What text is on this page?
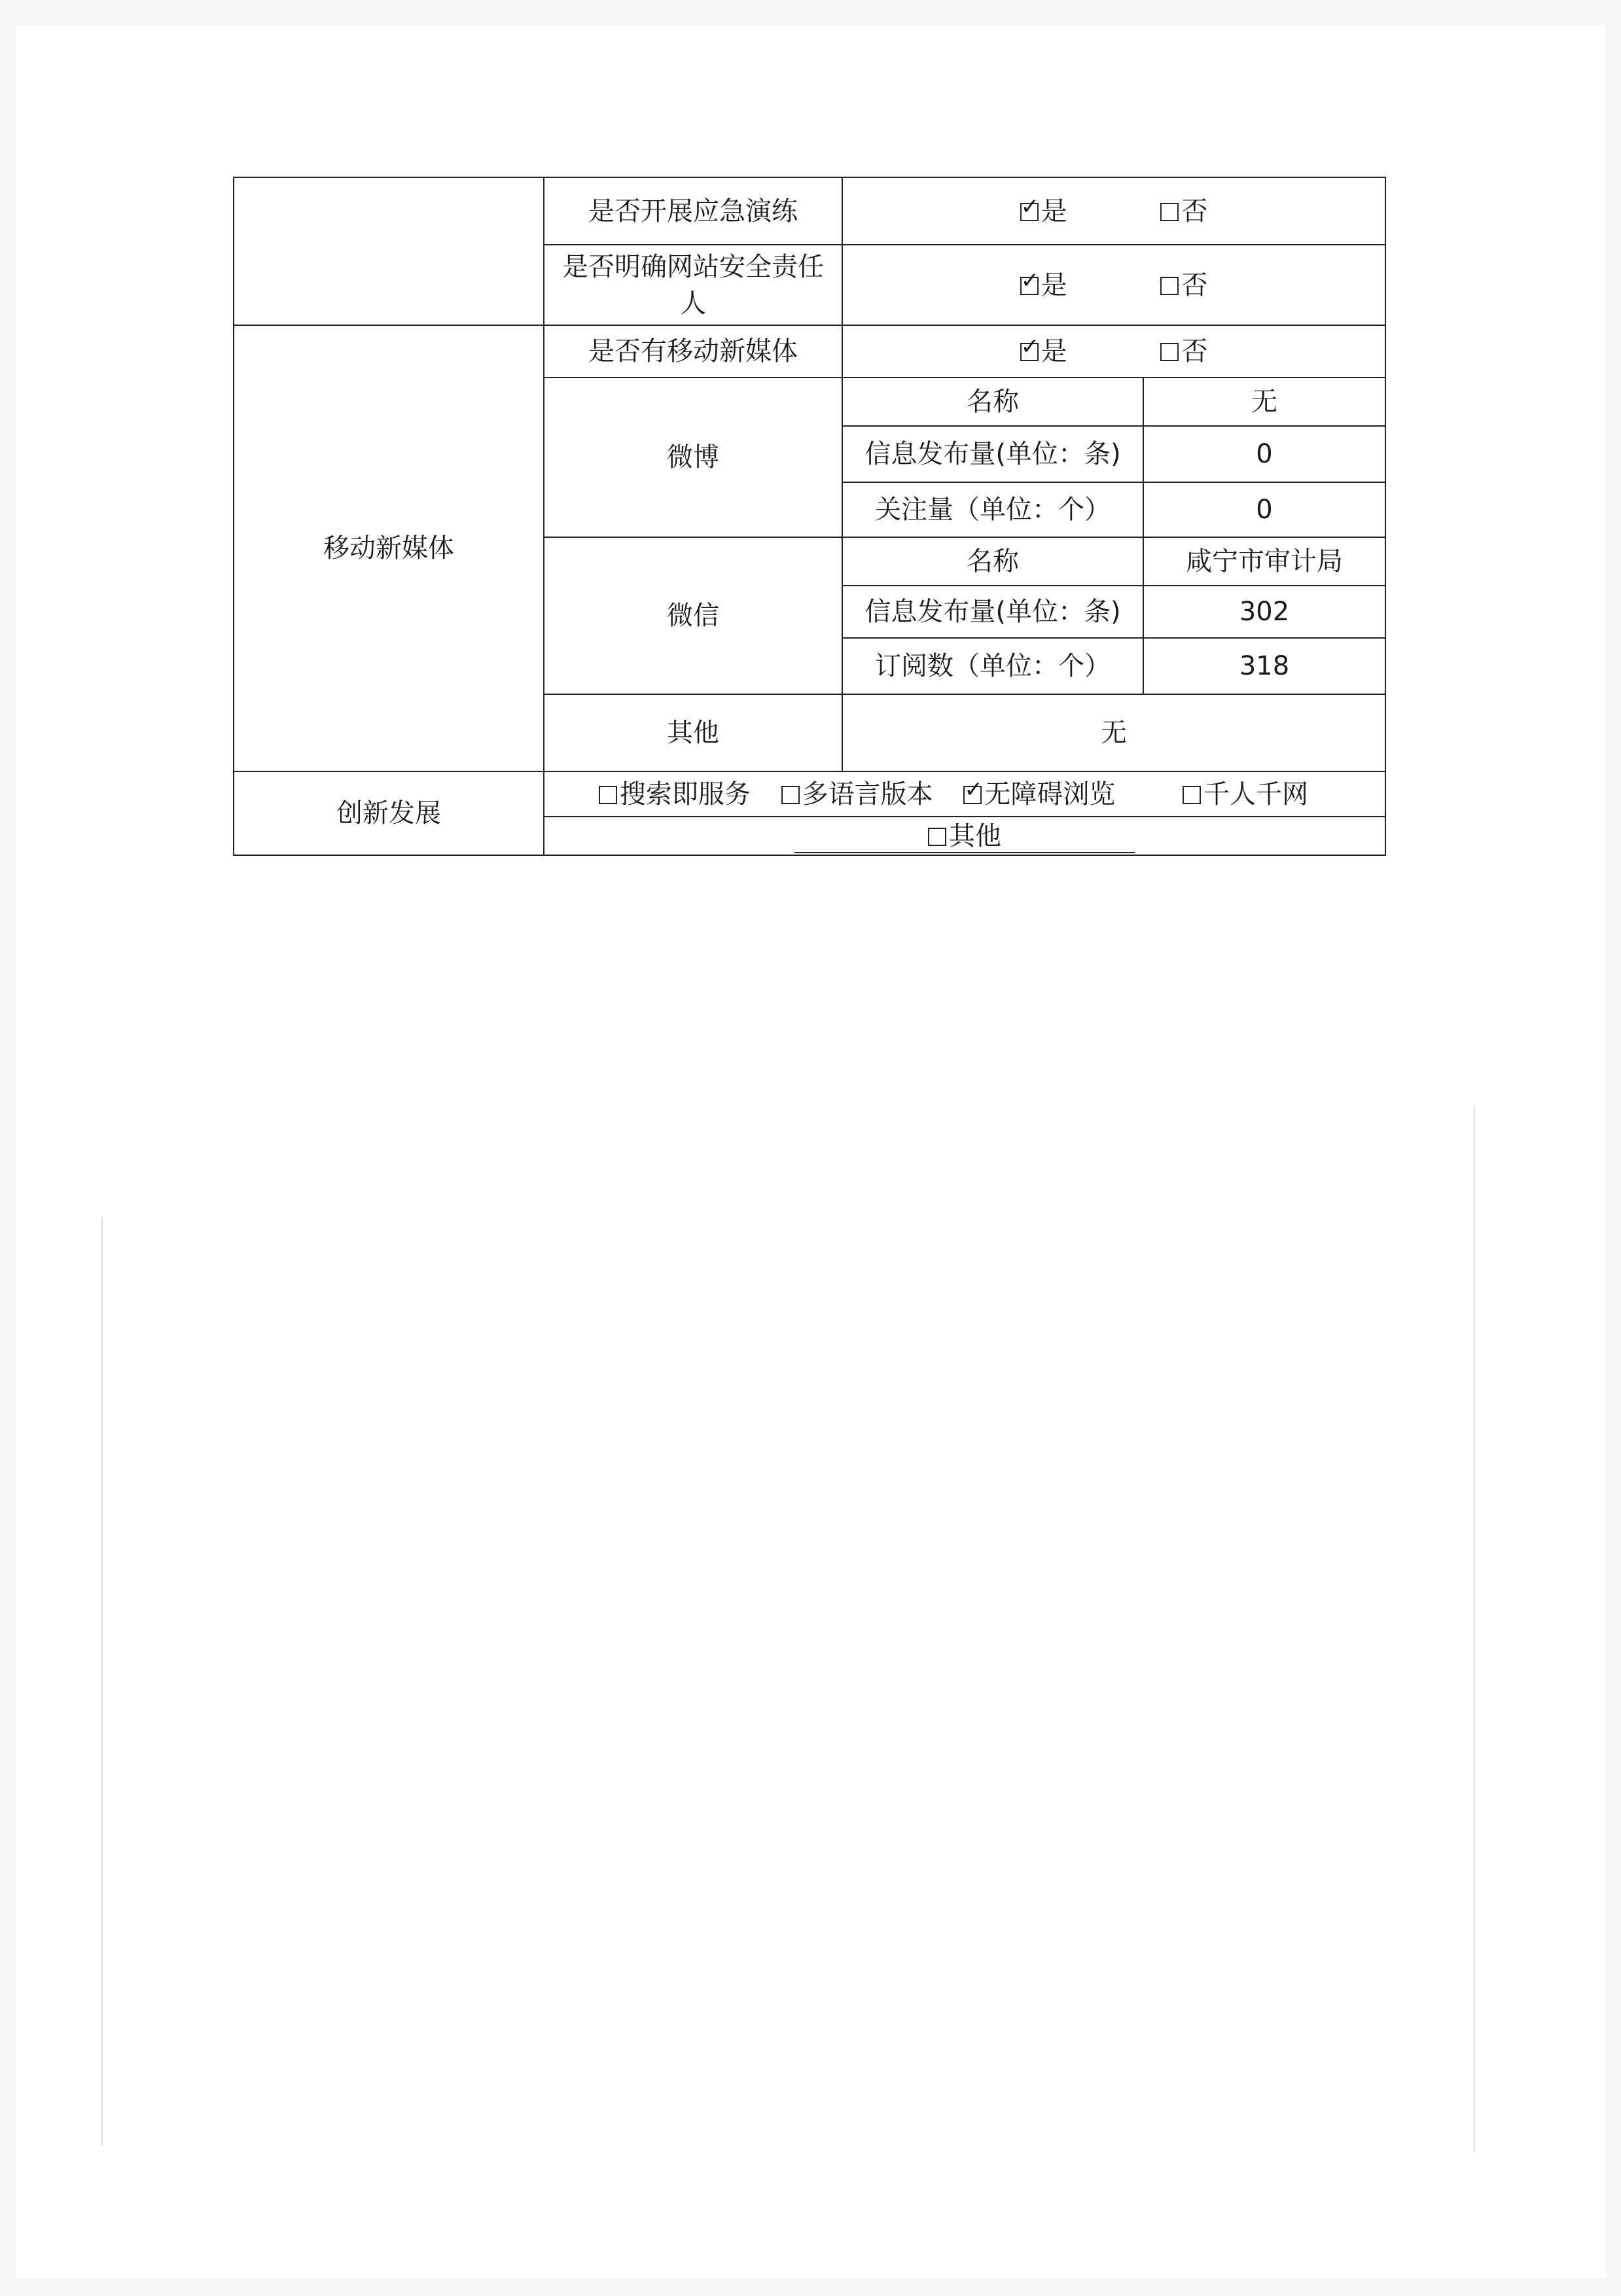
	是否开展应急演练	✓ 是 否	
	是否明确网站安全责任人	✓ 是 否	
移动新媒体	是否有移动新媒体	✓ 是 否	
	微博	名称	无
		信息发布量(单位：条)	0
		关注量（单位：个）	0
	微信	名称	咸宁市审计局
		信息发布量(单位：条)	302
		订阅数（单位：个）	318
	其他	无	
创新发展	搜索即服务 多语言版本 ✓ 无障碍浏览 千人千网		
	其他		
